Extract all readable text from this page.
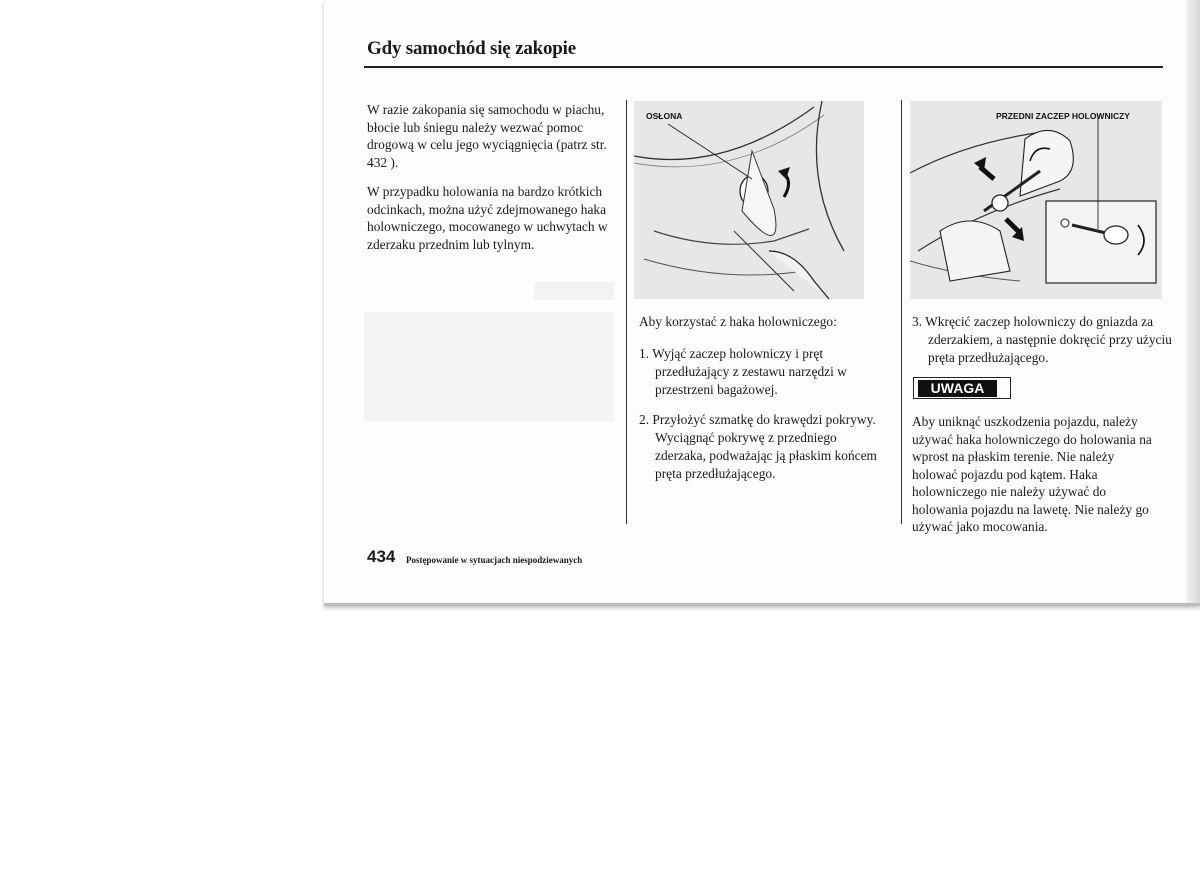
Gdy samochód się zakopie

W razie zakopania się samochodu w piachu, błocie lub śniegu należy wezwać pomoc drogową w celu jego wyciągnięcia (patrz str. 432 ).

W przypadku holowania na bardzo krótkich odcinkach, można użyć zdejmowanego haka holowniczego, mocowanego w uchwytach w zderzaku przednim lub tylnym.

OSŁONA

Aby korzystać z haka holowniczego:

1. Wyjąć zaczep holowniczy i pręt przedłużający z zestawu narzędzi w przestrzeni bagażowej.

2. Przyłożyć szmatkę do krawędzi pokrywy. Wyciągnąć pokrywę z przedniego zderzaka, podważając ją płaskim końcem pręta przedłużającego.

PRZEDNI ZACZEP HOLOWNICZY

3. Wkręcić zaczep holowniczy do gniazda za zderzakiem, a następnie dokręcić przy użyciu pręta przedłużającego.

UWAGA

Aby uniknąć uszkodzenia pojazdu, należy używać haka holowniczego do holowania na wprost na płaskim terenie. Nie należy holować pojazdu pod kątem. Haka holowniczego nie należy używać do holowania pojazdu na lawetę. Nie należy go używać jako mocowania.

434 Postępowanie w sytuacjach niespodziewanych
